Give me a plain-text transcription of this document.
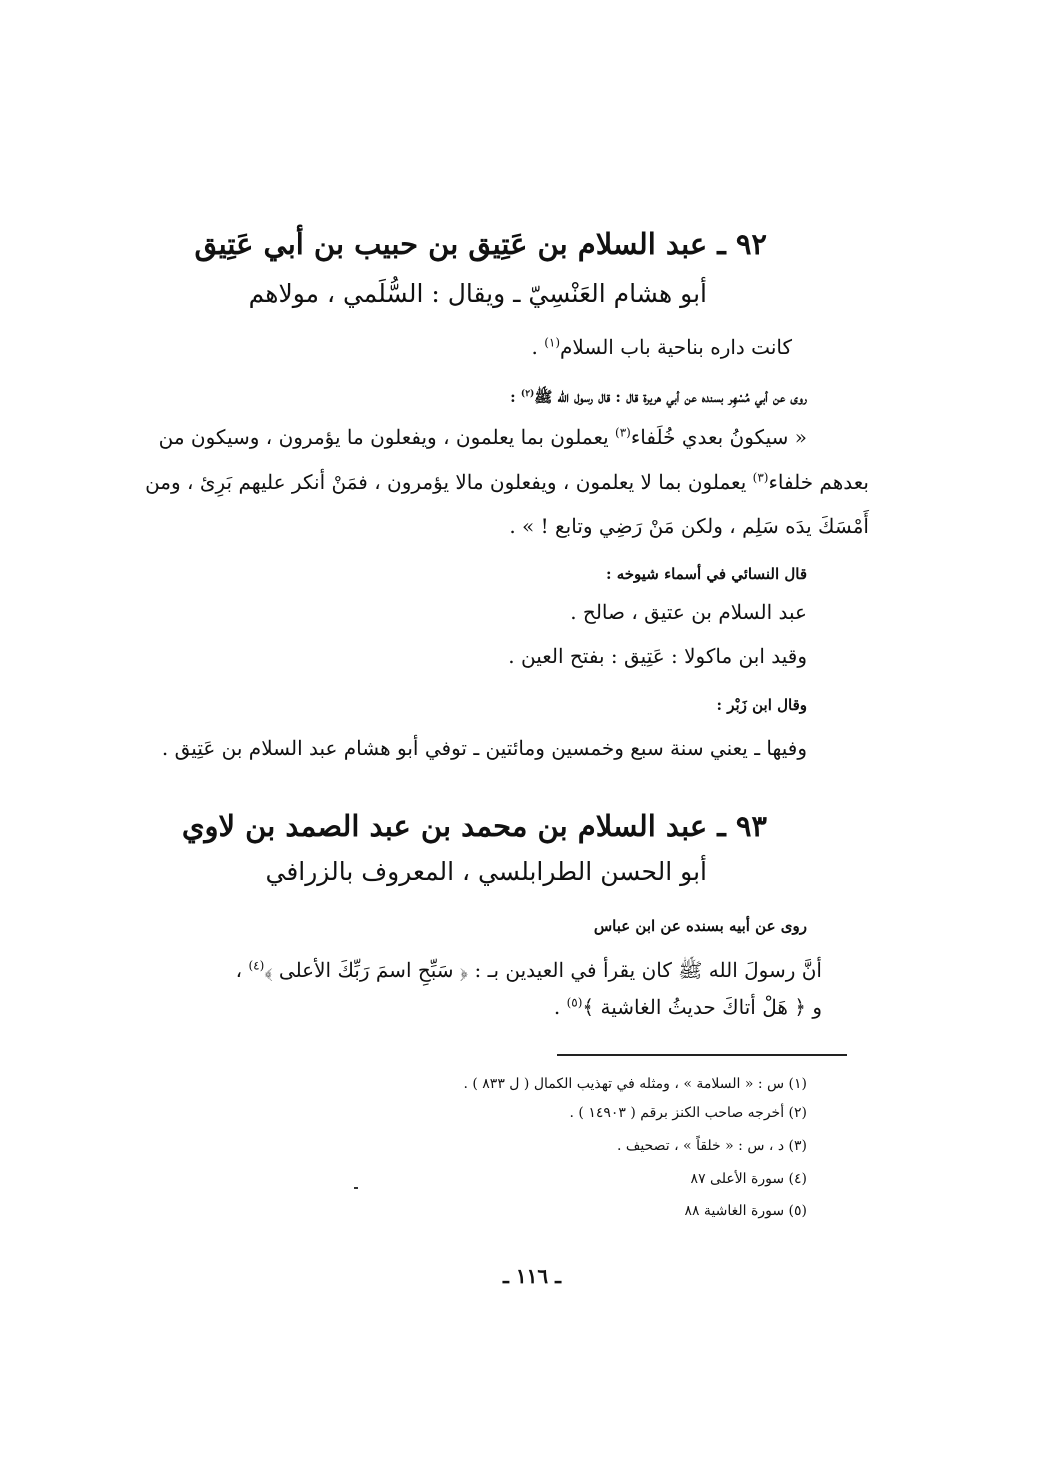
٩٢ ـ عبد السلام بن عَتِيق بن حبيب بن أبي عَتِيق
أبو هشام العَنْسِيّ ـ ويقال : السُّلَمي ، مولاهم
كانت داره بناحية باب السلام$^{(١)}$ .
روى عن أبي مُسْهِر بسنده عن أبي هريرة قال : قال رسول الله ﷺ$^{(٢)}$ :
« سيكونُ بعدي خُلَفاء$^{(٣)}$ يعملون بما يعلمون ، ويفعلون ما يؤمرون ، وسيكون من
بعدهم خلفاء$^{(٣)}$ يعملون بما لا يعلمون ، ويفعلون مالا يؤمرون ، فمَنْ أنكر عليهم بَرِئ ، ومن
أَمْسَكَ يدَه سَلِم ، ولكن مَنْ رَضِي وتابع ! » .
قال النسائي في أسماء شيوخه :
عبد السلام بن عتيق ، صالح .
وقيد ابن ماكولا : عَتِيق : بفتح العين .
وقال ابن زَبْر :
وفيها ـ يعني سنة سبع وخمسين ومائتين ـ توفي أبو هشام عبد السلام بن عَتِيق .
٩٣ ـ عبد السلام بن محمد بن عبد الصمد بن لاوي
أبو الحسن الطرابلسي ، المعروف بالزرافي
روى عن أبيه بسنده عن ابن عباس
أنَّ رسولَ الله ﷺ كان يقرأ في العيدين بـ : ﴿ سَبِّحِ اسمَ رَبِّكَ الأعلى ﴾$^{(٤)}$ ،
و ﴿ هَلْ أتاكَ حديثُ الغاشية ﴾$^{(٥)}$ .
(١) س : « السلامة » ، ومثله في تهذيب الكمال ( ل ٨٣٣ ) .
(٢) أخرجه صاحب الكنز برقم ( ١٤٩٠٣ ) .
(٣) د ، س : « خلقاً » ، تصحيف .
(٤) سورة الأعلى ٨٧
(٥) سورة الغاشية ٨٨
ـ ١١٦ ـ
